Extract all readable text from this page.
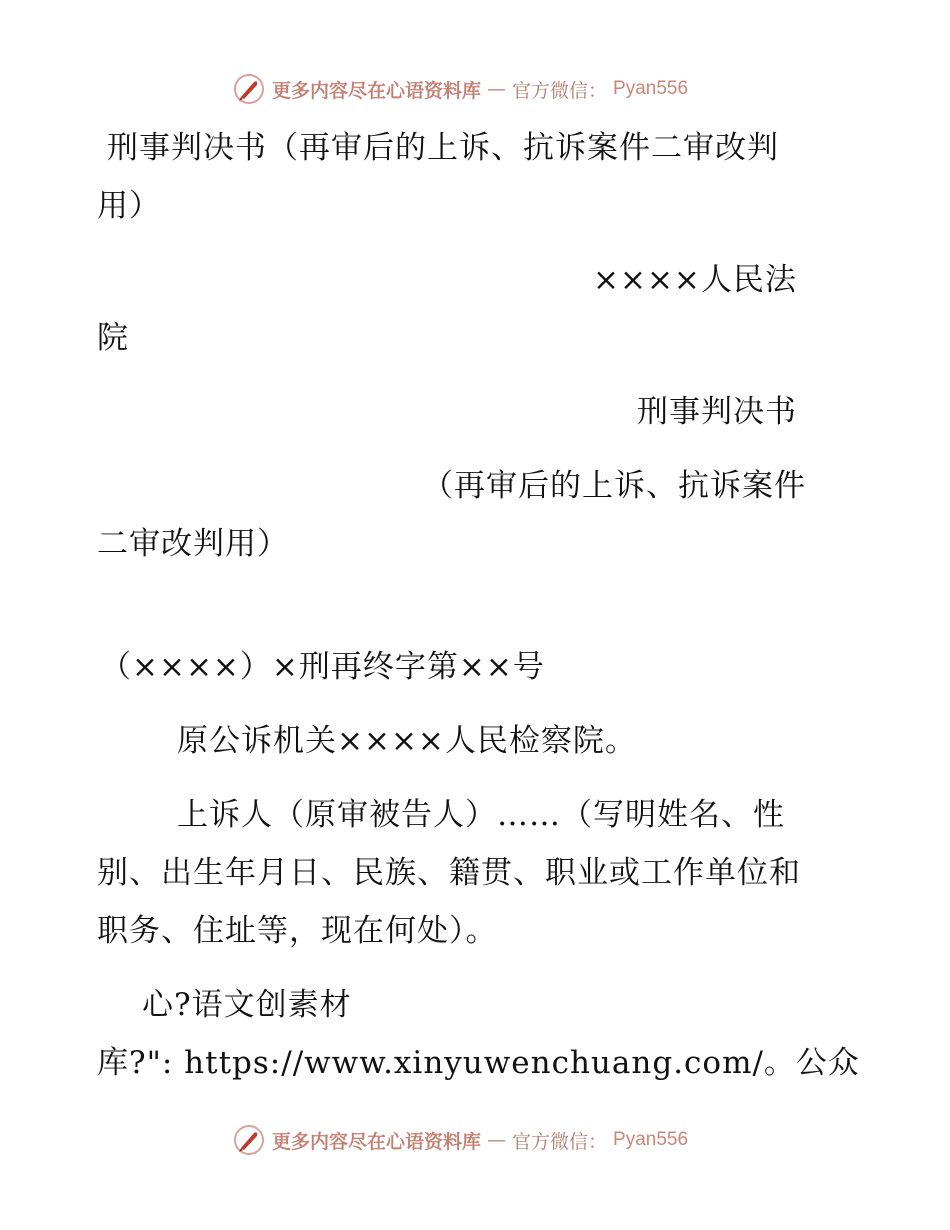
更多内容尽在心语资料库 — 官方微信： Pyan556
刑事判决书（再审后的上诉、抗诉案件二审改判
用）
××××人民法
院
刑事判决书
（再审后的上诉、抗诉案件
二审改判用）
（××××）×刑再终字第××号
原公诉机关××××人民检察院。
上诉人（原审被告人）……（写明姓名、性
别、出生年月日、民族、籍贯、职业或工作单位和
职务、住址等，现在何处）。
心?语文创素材
库?": https://www.xinyuwenchuang.com/。公众
更多内容尽在心语资料库 — 官方微信： Pyan556
